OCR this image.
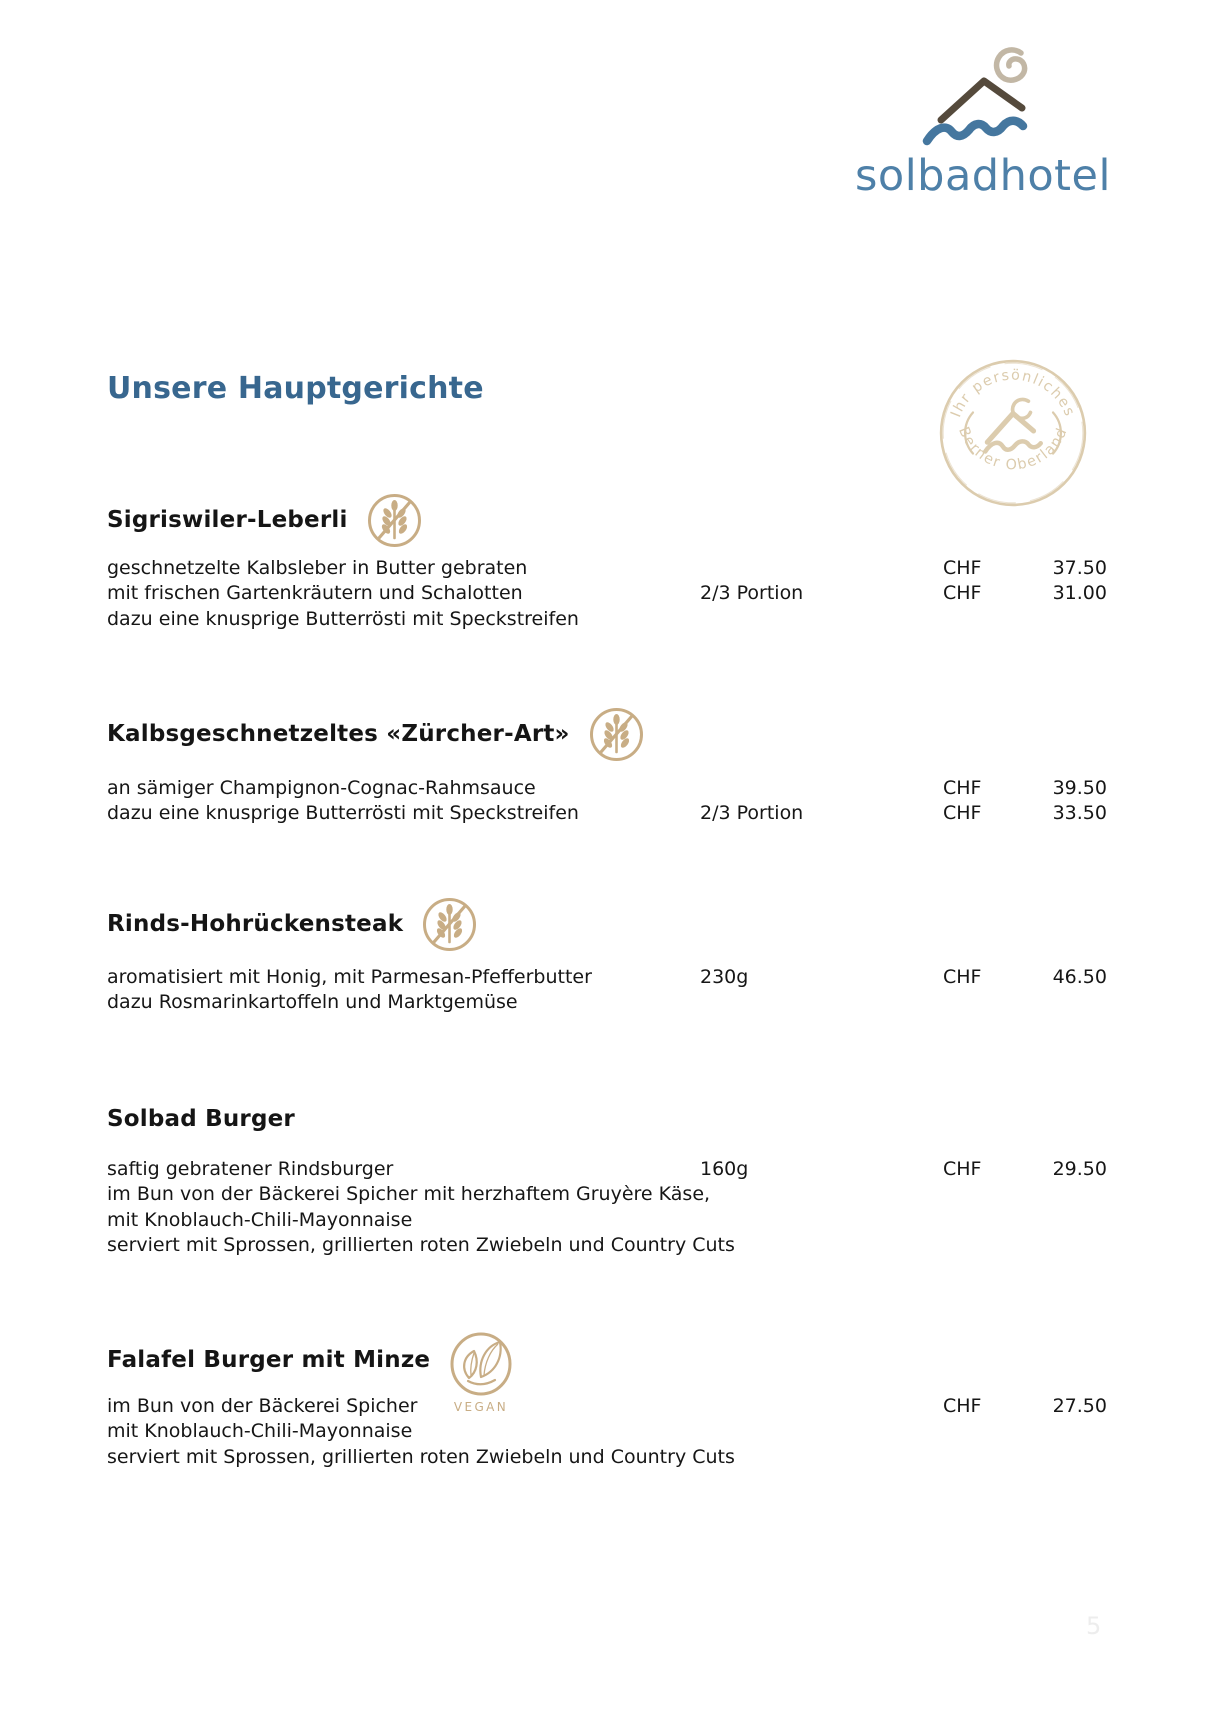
solbadhotel
Ihr persönliches
Berner Oberland
Unsere Hauptgerichte
Sigriswiler-Leberli
geschnetzelte Kalbsleber in Butter gebraten	CHF	37.50
mit frischen Gartenkräutern und Schalotten	2/3 Portion	CHF	31.00
dazu eine knusprige Butterrösti mit Speckstreifen
Kalbsgeschnetzeltes «Zürcher-Art»
an sämiger Champignon-Cognac-Rahmsauce	CHF	39.50
dazu eine knusprige Butterrösti mit Speckstreifen	2/3 Portion	CHF	33.50
Rinds-Hohrückensteak
aromatisiert mit Honig, mit Parmesan-Pfefferbutter	230g	CHF	46.50
dazu Rosmarinkartoffeln und Marktgemüse
Solbad Burger
saftig gebratener Rindsburger	160g	CHF	29.50
im Bun von der Bäckerei Spicher mit herzhaftem Gruyère Käse,
mit Knoblauch-Chili-Mayonnaise
serviert mit Sprossen, grillierten roten Zwiebeln und Country Cuts
Falafel Burger mit Minze
VEGAN
im Bun von der Bäckerei Spicher	CHF	27.50
mit Knoblauch-Chili-Mayonnaise
serviert mit Sprossen, grillierten roten Zwiebeln und Country Cuts
5
